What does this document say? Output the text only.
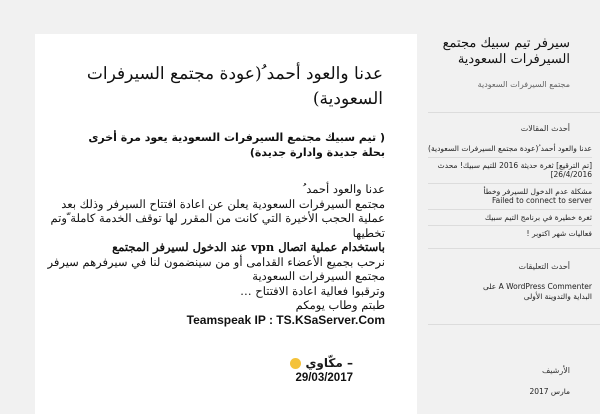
عدنا والعود أحمد ُ(عودة مجتمع السيرفرات السعودية)
( تيم سبيك مجتمع السيرفرات السعودية يعود مرة أخرى بحلة جديدة وادارة جديدة)

عدنا والعود أحمد ُ

مجتمع السيرفرات السعودية يعلن عن اعادة افتتاح السيرفر وذلك بعد عملية الحجب الأخيرة التي كانت من المقرر لها توقف الخدمة كاملة ّوتم تخطيها

باستخدام عملية اتصال vpn عند الدخول لسيرفر المجتمع

نرحب بجميع الأعضاء القدامى أو من سينضمون لنا في سيرفرهم سيرفر مجتمع السيرفرات السعودية

وترقبوا فعالية اعادة الافتتاح …

طبتم وطاب يومكم

Teamspeak IP : TS.KSaServer.Com

– مكّاوي
29/03/2017
سيرفر تيم سبيك مجتمع السيرفرات السعودية
مجتمع السيرفرات السعودية
أحدث المقالات
عدنا والعود أحمد ُ(عودة مجتمع السيرفرات السعودية)
[تم الترقيع] ثغرة حديثة 2016 للتيم سبيك! محدث 26/4/2016]
مشكلة عدم الدخول للسيرفر وخطأ
Failed to connect to server
ثغرة خطيرة في برنامج التيم سبيك
فعاليات شهر اكتوبر !
أحدث التعليقات
A WordPress Commenter على
البداية والتدوينة الأولى
الأرشيف
مارس 2017
